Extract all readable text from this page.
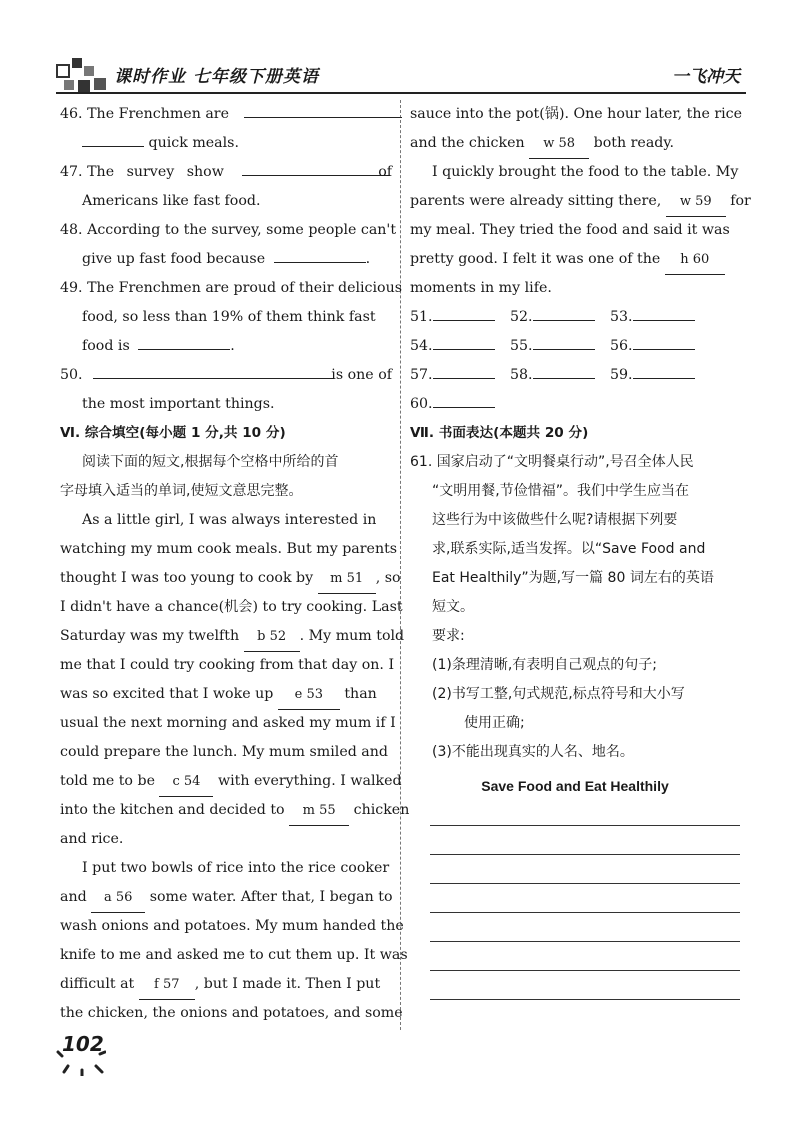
课时作业 七年级下册英语	一飞冲天
46. The Frenchmen are
quick meals.
47. The survey show	of
Americans like fast food.
48. According to the survey, some people can't
give up fast food because	.
49. The Frenchmen are proud of their delicious
food, so less than 19% of them think fast
food is	.
50.	is one of
the most important things.
Ⅵ. 综合填空(每小题 1 分,共 10 分)
阅读下面的短文,根据每个空格中所给的首
字母填入适当的单词,使短文意思完整。
As a little girl, I was always interested in
watching my mum cook meals. But my parents
thought I was too young to cook by m 51 , so
I didn't have a chance(机会) to try cooking. Last
Saturday was my twelfth b 52 . My mum told
me that I could try cooking from that day on. I
was so excited that I woke up e 53 than
usual the next morning and asked my mum if I
could prepare the lunch. My mum smiled and
told me to be c 54 with everything. I walked
into the kitchen and decided to m 55 chicken
and rice.
I put two bowls of rice into the rice cooker
and a 56 some water. After that, I began to
wash onions and potatoes. My mum handed the
knife to me and asked me to cut them up. It was
difficult at f 57 , but I made it. Then I put
the chicken, the onions and potatoes, and some
sauce into the pot(锅). One hour later, the rice
and the chicken w 58 both ready.
I quickly brought the food to the table. My
parents were already sitting there, w 59 for
my meal. They tried the food and said it was
pretty good. I felt it was one of the h 60
moments in my life.
51.	52.	53.
54.	55.	56.
57.	58.	59.
60.
Ⅶ. 书面表达(本题共 20 分)
61. 国家启动了“文明餐桌行动”,号召全体人民
“文明用餐,节俭惜福”。我们中学生应当在
这些行为中该做些什么呢?请根据下列要
求,联系实际,适当发挥。以“Save Food and
Eat Healthily”为题,写一篇 80 词左右的英语
短文。
要求:
(1)条理清晰,有表明自己观点的句子;
(2)书写工整,句式规范,标点符号和大小写
使用正确;
(3)不能出现真实的人名、地名。
Save Food and Eat Healthily
102
